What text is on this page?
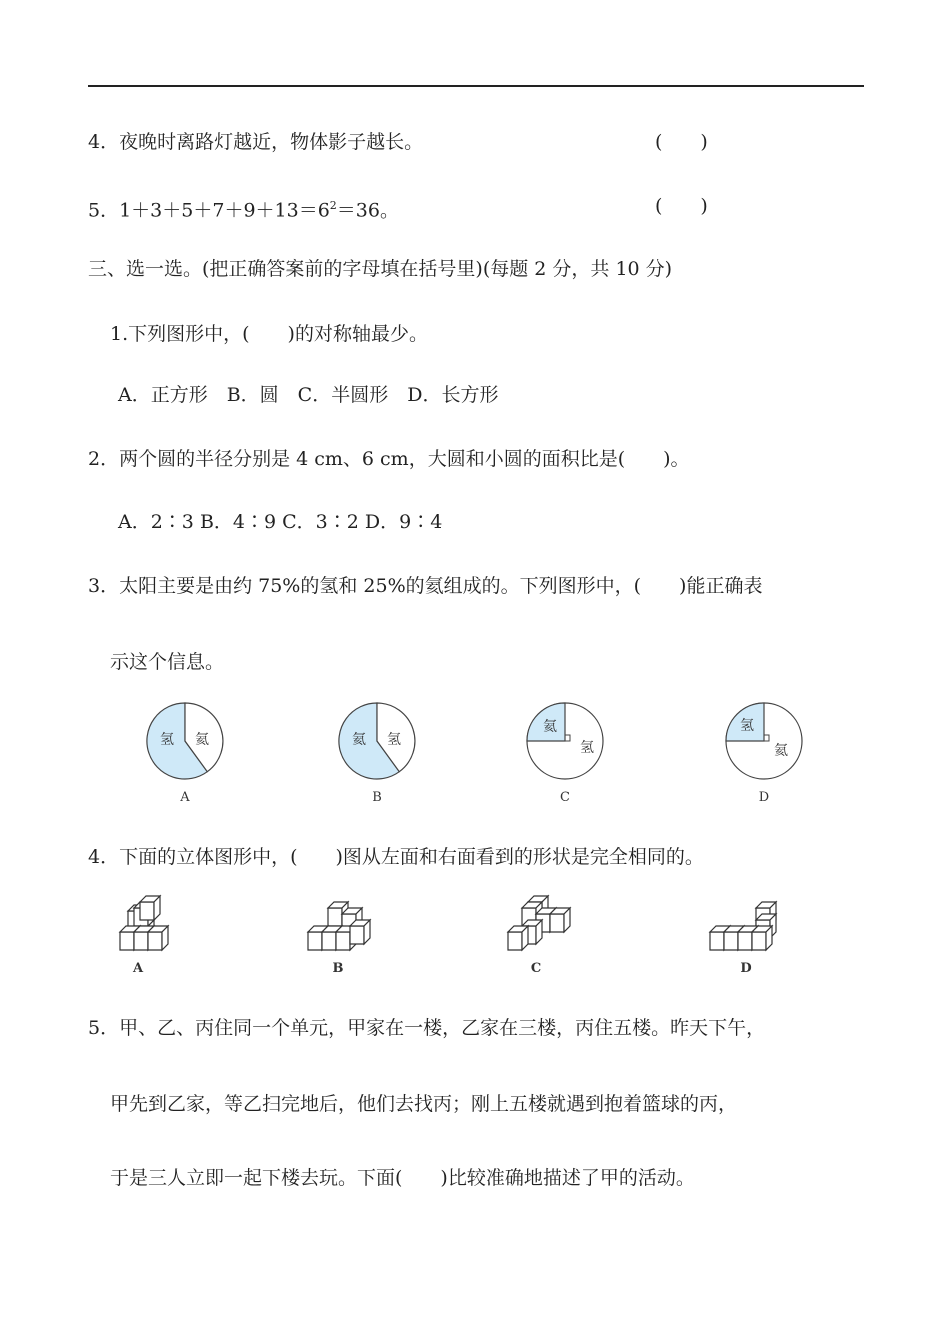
4．夜晚时离路灯越近，物体影子越长。	(　　)
5．$1+3+5+7+9+13=6^2=36$。	(　　)
三、选一选。(把正确答案前的字母填在括号里)(每题 2 分，共 10 分)
1.下列图形中，(　　)的对称轴最少。
A．正方形　B．圆　C．半圆形　D．长方形
2．两个圆的半径分别是 4 cm、6 cm，大圆和小圆的面积比是(　　)。
A．2∶3 B．4∶9 C．3∶2 D．9∶4
3．太阳主要是由约 75%的氢和 25%的氦组成的。下列图形中，(　　)能正确表
示这个信息。
氢 氦
A
氦 氢
B
氦
氢
C
氢
氦
D
4．下面的立体图形中，(　　)图从左面和右面看到的形状是完全相同的。
A	B	C	D
5．甲、乙、丙住同一个单元，甲家在一楼，乙家在三楼，丙住五楼。昨天下午，
甲先到乙家，等乙扫完地后，他们去找丙；刚上五楼就遇到抱着篮球的丙，
于是三人立即一起下楼去玩。下面(　　)比较准确地描述了甲的活动。
